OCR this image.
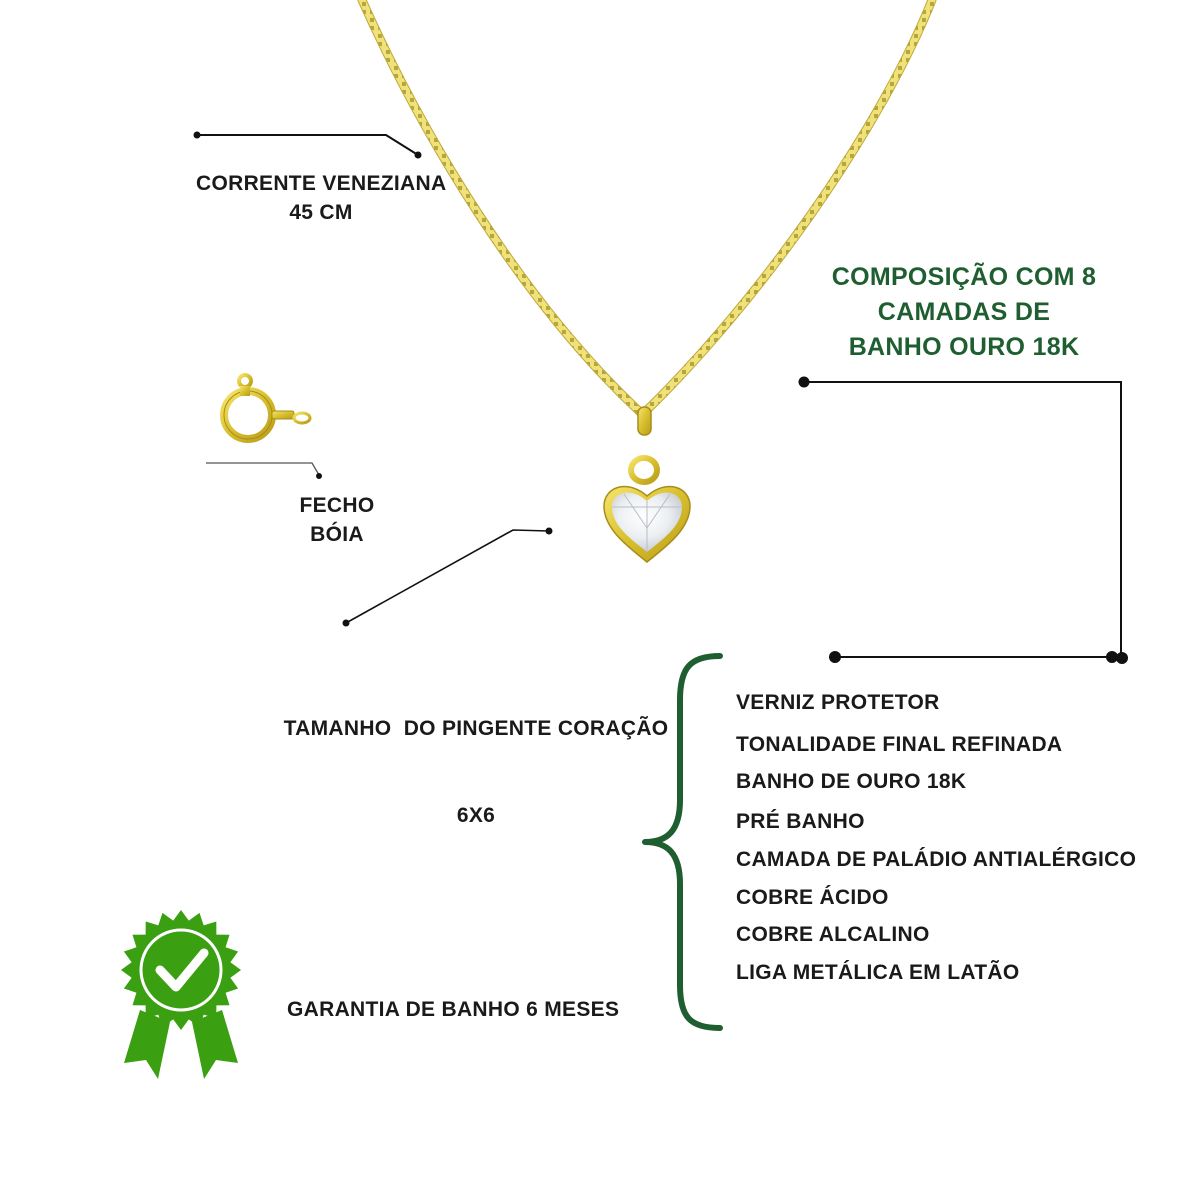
CORRENTE VENEZIANA
45 CM
FECHO
BÓIA

TAMANHO  DO PINGENTE CORAÇÃO

6X6

COMPOSIÇÃO COM 8
CAMADAS DE
BANHO OURO 18K
VERNIZ PROTETOR
TONALIDADE FINAL REFINADA
BANHO DE OURO 18K
PRÉ BANHO
CAMADA DE PALÁDIO ANTIALÉRGICO
COBRE ÁCIDO
COBRE ALCALINO
LIGA METÁLICA EM LATÃO
GARANTIA DE BANHO 6 MESES
